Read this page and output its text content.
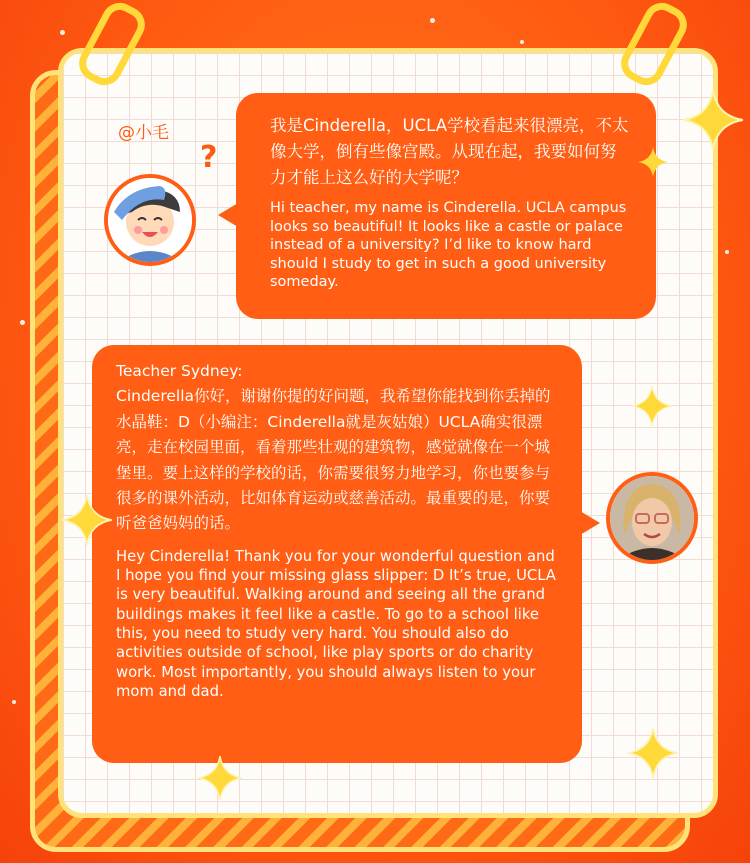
@小毛
?

我是Cinderella，UCLA学校看起来很漂亮，不太像大学，倒有些像宫殿。从现在起，我要如何努力才能上这么好的大学呢？

Hi teacher, my name is Cinderella. UCLA campus looks so beautiful! It looks like a castle or palace instead of a university? I’d like to know hard should I study to get in such a good university someday.

Teacher Sydney:

Cinderella你好，谢谢你提的好问题，我希望你能找到你丢掉的水晶鞋：D（小编注：Cinderella就是灰姑娘）UCLA确实很漂亮，走在校园里面，看着那些壮观的建筑物，感觉就像在一个城堡里。要上这样的学校的话，你需要很努力地学习，你也要参与很多的课外活动，比如体育运动或慈善活动。最重要的是，你要听爸爸妈妈的话。

Hey Cinderella! Thank you for your wonderful question and I hope you find your missing glass slipper: D It’s true, UCLA is very beautiful. Walking around and seeing all the grand buildings makes it feel like a castle. To go to a school like this, you need to study very hard. You should also do activities outside of school, like play sports or do charity work. Most importantly, you should always listen to your mom and dad.
